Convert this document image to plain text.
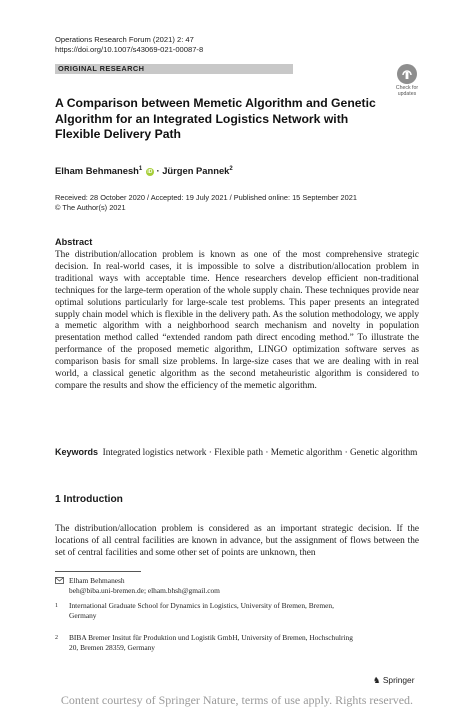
Operations Research Forum (2021) 2: 47
https://doi.org/10.1007/s43069-021-00087-8
ORIGINAL RESEARCH
Check for
updates
A Comparison between Memetic Algorithm and Genetic Algorithm for an Integrated Logistics Network with Flexible Delivery Path
Elham Behmanesh$^1$ iD · Jürgen Pannek$^2$
Received: 28 October 2020 / Accepted: 19 July 2021 / Published online: 15 September 2021
© The Author(s) 2021
Abstract
The distribution/allocation problem is known as one of the most comprehensive strategic decision. In real-world cases, it is impossible to solve a distribution/allocation problem in traditional ways with acceptable time. Hence researchers develop efficient non-traditional techniques for the large-term operation of the whole supply chain. These techniques provide near optimal solutions particularly for large-scale test problems. This paper presents an integrated supply chain model which is flexible in the delivery path. As the solution methodology, we apply a memetic algorithm with a neighborhood search mechanism and novelty in population presentation method called “extended random path direct encoding method.” To illustrate the performance of the proposed memetic algorithm, LINGO optimization software serves as comparison basis for small size problems. In large-size cases that we are dealing with in real world, a classical genetic algorithm as the second metaheuristic algorithm is considered to compare the results and show the efficiency of the memetic algorithm.
Keywords Integrated logistics network · Flexible path · Memetic algorithm · Genetic algorithm
1 Introduction
The distribution/allocation problem is considered as an important strategic decision. If the locations of all central facilities are known in advance, but the assignment of flows between the set of central facilities and some other set of points are unknown, then
Elham Behmanesh
beh@biba.uni-bremen.de; elham.bhsh@gmail.com
1 International Graduate School for Dynamics in Logistics, University of Bremen, Bremen,
Germany
2 BIBA Bremer Insitut für Produktion und Logistik GmbH, University of Bremen, Hochschulring
20, Bremen 28359, Germany
♞ Springer
Content courtesy of Springer Nature, terms of use apply. Rights reserved.
